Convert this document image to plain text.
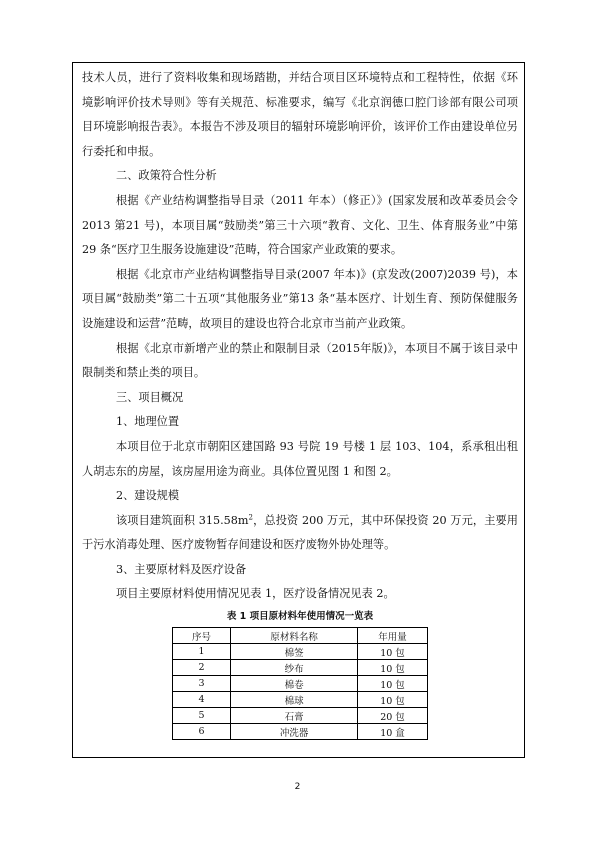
技术人员，进行了资料收集和现场踏勘，并结合项目区环境特点和工程特性，依据《环境影响评价技术导则》等有关规范、标准要求，编写《北京润德口腔门诊部有限公司项目环境影响报告表》。本报告不涉及项目的辐射环境影响评价，该评价工作由建设单位另行委托和申报。

二、政策符合性分析

根据《产业结构调整指导目录（2011 年本）（修正）》(国家发展和改革委员会令2013 第21 号)，本项目属“鼓励类”第三十六项“教育、文化、卫生、体育服务业”中第29 条“医疗卫生服务设施建设”范畴，符合国家产业政策的要求。

根据《北京市产业结构调整指导目录(2007 年本)》(京发改(2007)2039 号)，本项目属“鼓励类”第二十五项“其他服务业”第13 条“基本医疗、计划生育、预防保健服务设施建设和运营”范畴，故项目的建设也符合北京市当前产业政策。

根据《北京市新增产业的禁止和限制目录（2015年版)》，本项目不属于该目录中限制类和禁止类的项目。

三、项目概况

1、地理位置

本项目位于北京市朝阳区建国路 93 号院 19 号楼 1 层 103、104，系承租出租人胡志东的房屋，该房屋用途为商业。具体位置见图 1 和图 2。

2、建设规模

该项目建筑面积 $315.58m^2$，总投资 200 万元，其中环保投资 20 万元，主要用于污水消毒处理、医疗废物暂存间建设和医疗废物外协处理等。

3、主要原材料及医疗设备

项目主要原材料使用情况见表 1，医疗设备情况见表 2。

表 1 项目原材料年使用情况一览表
序号	原材料名称	年用量
1	棉签	10 包
2	纱布	10 包
3	棉卷	10 包
4	棉球	10 包
5	石膏	20 包
6	冲洗器	10 盒
2
